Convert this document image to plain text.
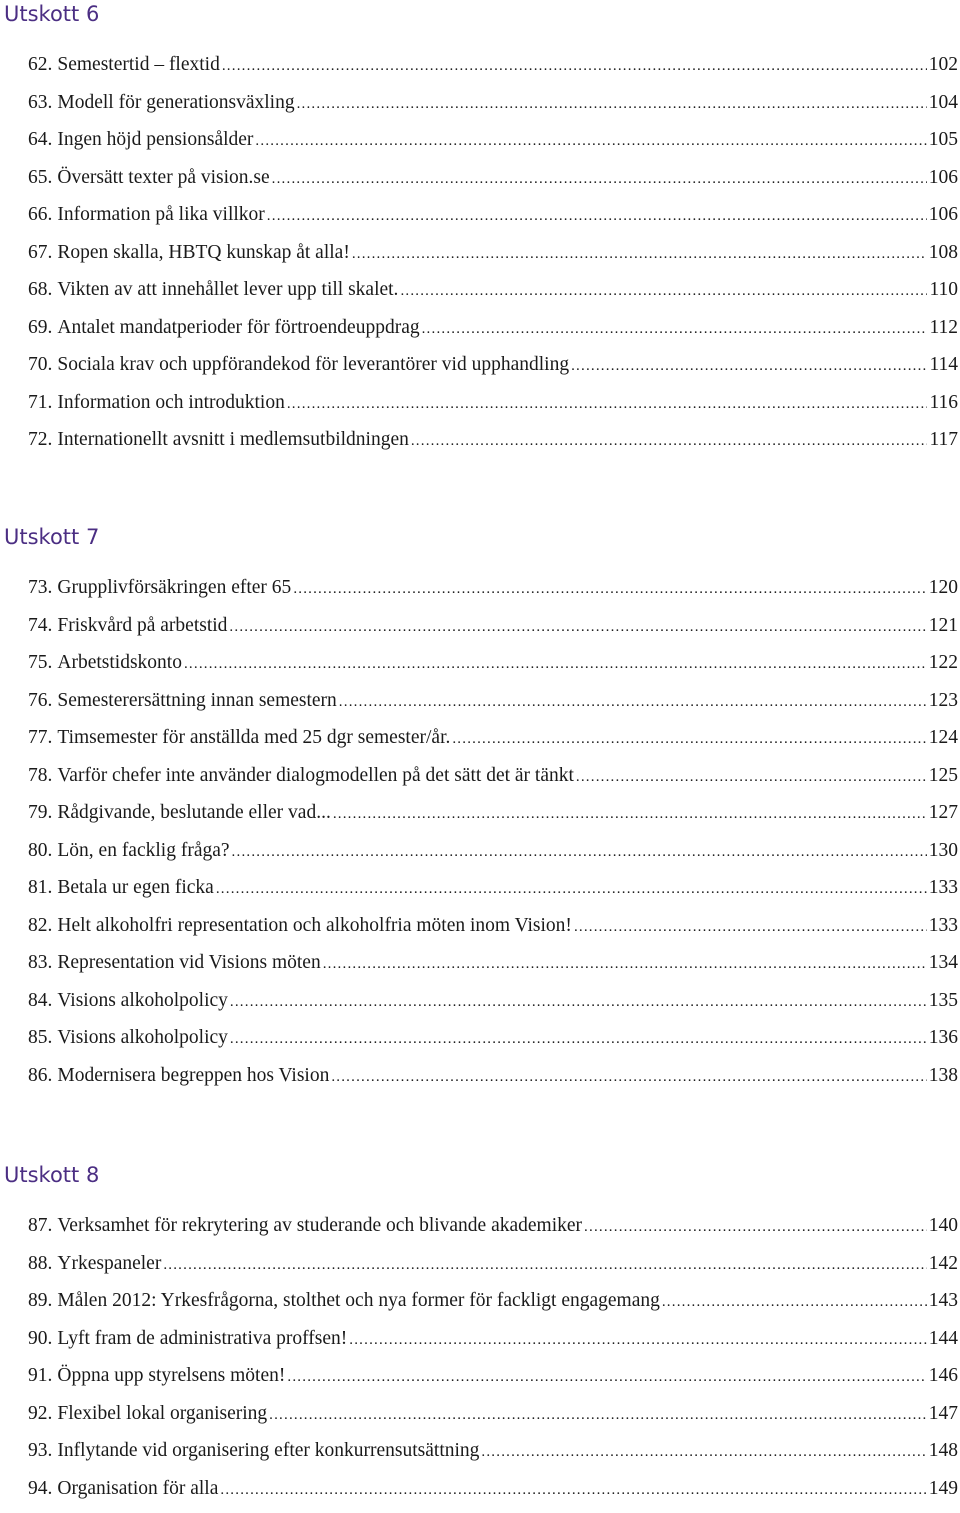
Utskott 6
62. Semestertid – flextid .....	102
63. Modell för generationsväxling .....	104
64. Ingen höjd pensionsålder .....	105
65. Översätt texter på vision.se .....	106
66. Information på lika villkor .....	106
67. Ropen skalla, HBTQ kunskap åt alla! .....	108
68. Vikten av att innehållet lever upp till skalet. .....	110
69. Antalet mandatperioder för förtroendeuppdrag .....	112
70. Sociala krav och uppförandekod för leverantörer vid upphandling .....	114
71. Information och introduktion .....	116
72. Internationellt avsnitt i medlemsutbildningen .....	117
Utskott 7
73. Grupplivförsäkringen efter 65 .....	120
74. Friskvård på arbetstid .....	121
75. Arbetstidskonto .....	122
76. Semesterersättning innan semestern .....	123
77. Timsemester för anställda med 25 dgr semester/år. .....	124
78. Varför chefer inte använder dialogmodellen på det sätt det är tänkt .....	125
79. Rådgivande, beslutande eller vad... .....	127
80. Lön, en facklig fråga? .....	130
81. Betala ur egen ficka .....	133
82. Helt alkoholfri representation och alkoholfria möten inom Vision! .....	133
83. Representation vid Visions möten .....	134
84. Visions alkoholpolicy .....	135
85. Visions alkoholpolicy .....	136
86. Modernisera begreppen hos Vision .....	138
Utskott 8
87. Verksamhet för rekrytering av studerande och blivande akademiker .....	140
88. Yrkespaneler .....	142
89. Målen 2012: Yrkesfrågorna, stolthet och nya former för fackligt engagemang .....	143
90. Lyft fram de administrativa proffsen! .....	144
91. Öppna upp styrelsens möten! .....	146
92. Flexibel lokal organisering .....	147
93. Inflytande vid organisering efter konkurrensutsättning .....	148
94. Organisation för alla .....	149
